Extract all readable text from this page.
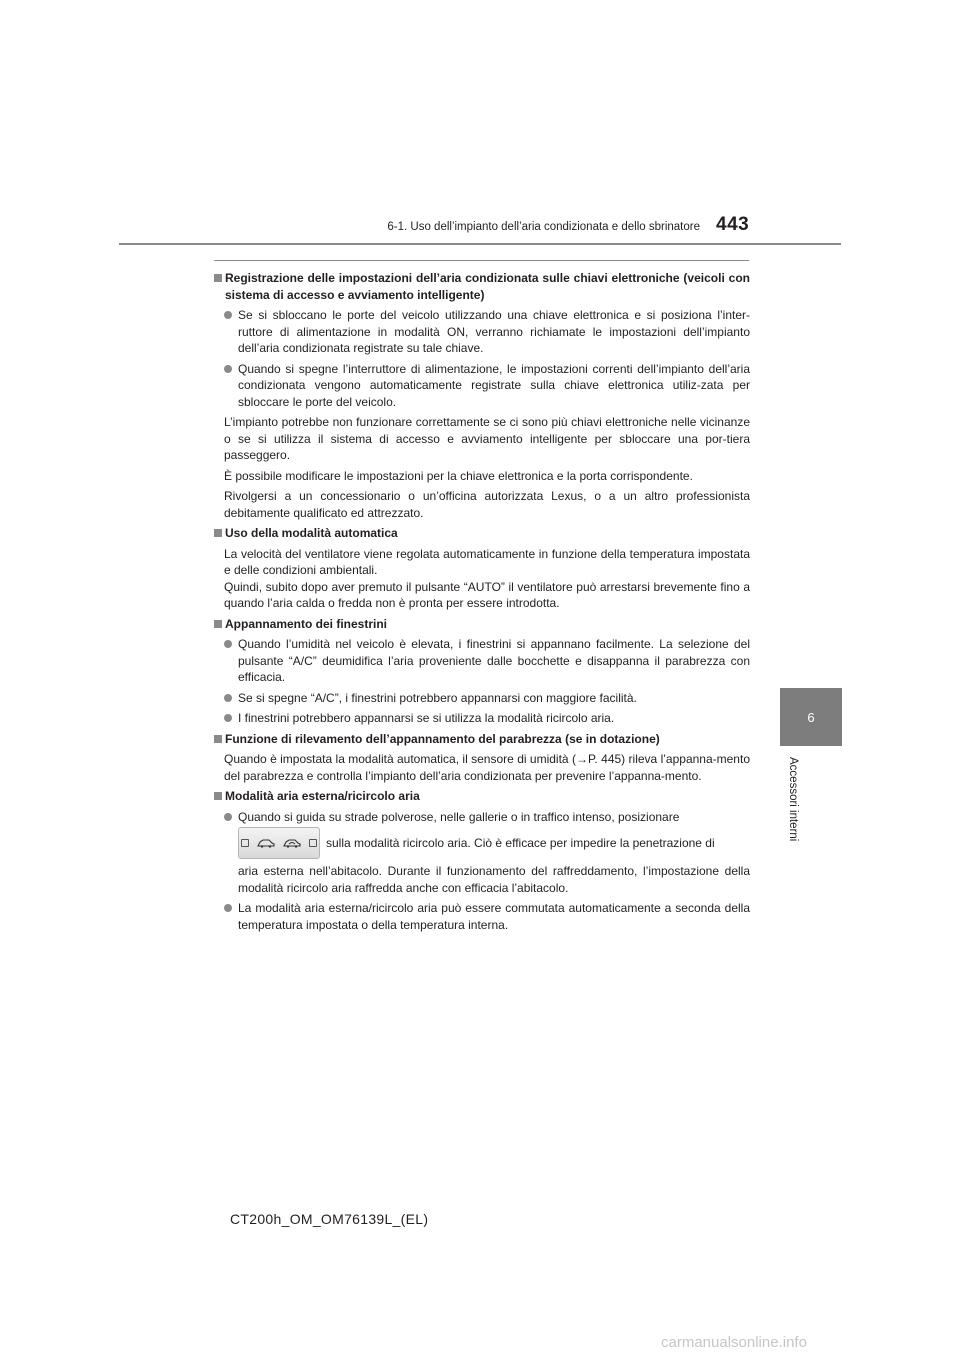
6-1. Uso dell’impianto dell’aria condizionata e dello sbrinatore 443
6
Accessori interni
Registrazione delle impostazioni dell’aria condizionata sulle chiavi elettroniche (veicoli con sistema di accesso e avviamento intelligente)
Se si sbloccano le porte del veicolo utilizzando una chiave elettronica e si posiziona l’inter-ruttore di alimentazione in modalità ON, verranno richiamate le impostazioni dell’impianto dell’aria condizionata registrate su tale chiave.
Quando si spegne l’interruttore di alimentazione, le impostazioni correnti dell’impianto dell’aria condizionata vengono automaticamente registrate sulla chiave elettronica utiliz-zata per sbloccare le porte del veicolo.
L’impianto potrebbe non funzionare correttamente se ci sono più chiavi elettroniche nelle vicinanze o se si utilizza il sistema di accesso e avviamento intelligente per sbloccare una por-tiera passeggero.
È possibile modificare le impostazioni per la chiave elettronica e la porta corrispondente.
Rivolgersi a un concessionario o un’officina autorizzata Lexus, o a un altro professionista debitamente qualificato ed attrezzato.
Uso della modalità automatica
La velocità del ventilatore viene regolata automaticamente in funzione della temperatura impostata e delle condizioni ambientali.
Quindi, subito dopo aver premuto il pulsante “AUTO” il ventilatore può arrestarsi brevemente fino a quando l’aria calda o fredda non è pronta per essere introdotta.
Appannamento dei finestrini
Quando l’umidità nel veicolo è elevata, i finestrini si appannano facilmente. La selezione del pulsante “A/C” deumidifica l’aria proveniente dalle bocchette e disappanna il parabrezza con efficacia.
Se si spegne “A/C”, i finestrini potrebbero appannarsi con maggiore facilità.
I finestrini potrebbero appannarsi se si utilizza la modalità ricircolo aria.
Funzione di rilevamento dell’appannamento del parabrezza (se in dotazione)
Quando è impostata la modalità automatica, il sensore di umidità (→P. 445) rileva l’appanna-mento del parabrezza e controlla l’impianto dell’aria condizionata per prevenire l’appanna-mento.
Modalità aria esterna/ricircolo aria
Quando si guida su strade polverose, nelle gallerie o in traffico intenso, posizionare
sulla modalità ricircolo aria. Ciò è efficace per impedire la penetrazione di
aria esterna nell’abitacolo. Durante il funzionamento del raffreddamento, l’impostazione della modalità ricircolo aria raffredda anche con efficacia l’abitacolo.
La modalità aria esterna/ricircolo aria può essere commutata automaticamente a seconda della temperatura impostata o della temperatura interna.
CT200h_OM_OM76139L_(EL)
carmanualsonline.info
